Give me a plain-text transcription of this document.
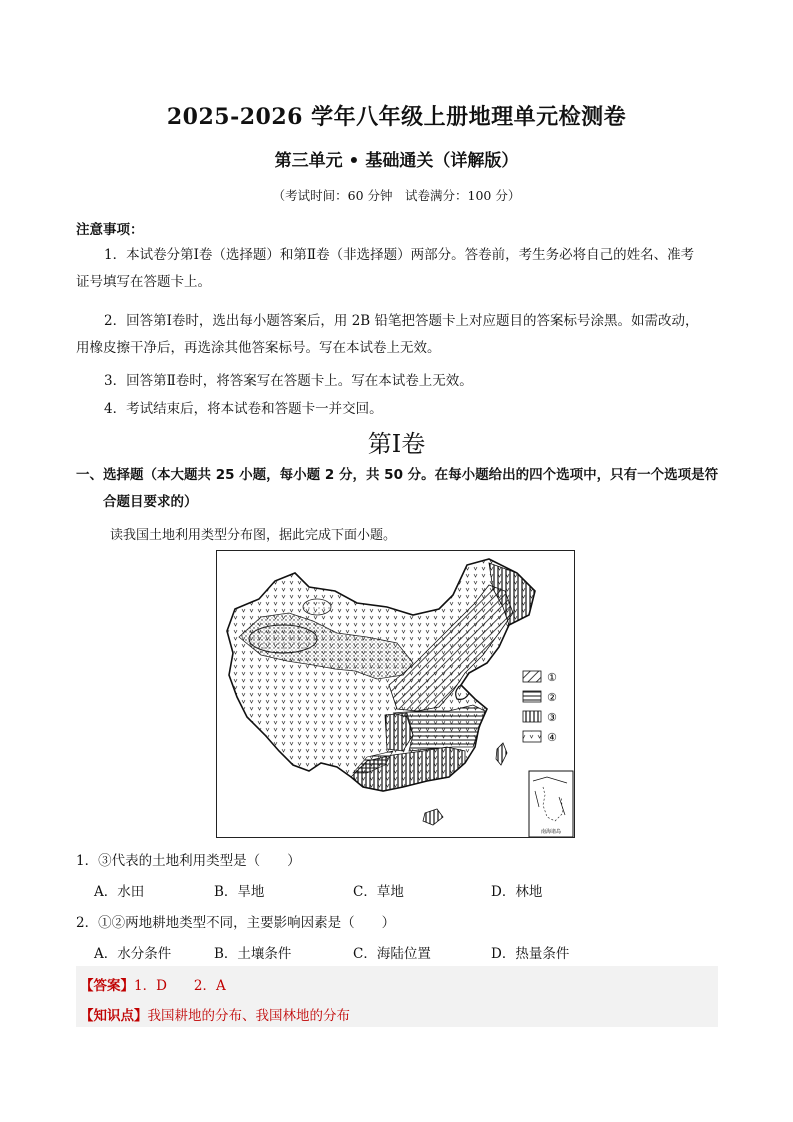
2025-2026 学年八年级上册地理单元检测卷
第三单元 • 基础通关（详解版）
（考试时间：60 分钟　试卷满分：100 分）
注意事项：
1．本试卷分第Ⅰ卷（选择题）和第Ⅱ卷（非选择题）两部分。答卷前，考生务必将自己的姓名、准考
证号填写在答题卡上。
2．回答第Ⅰ卷时，选出每小题答案后，用 2B 铅笔把答题卡上对应题目的答案标号涂黑。如需改动，
用橡皮擦干净后，再选涂其他答案标号。写在本试卷上无效。
3．回答第Ⅱ卷时，将答案写在答题卡上。写在本试卷上无效。
4．考试结束后，将本试卷和答题卡一并交回。
第Ⅰ卷
一、选择题（本大题共 25 小题，每小题 2 分，共 50 分。在每小题给出的四个选项中，只有一个选项是符
合题目要求的）
读我国土地利用类型分布图，据此完成下面小题。
①
②
③
④
南海诸岛
1．③代表的土地利用类型是（　　）
A．水田	B．旱地	C．草地	D．林地
2．①②两地耕地类型不同，主要影响因素是（　　）
A．水分条件	B．土壤条件	C．海陆位置	D．热量条件
【答案】1．D　　2．A
【知识点】我国耕地的分布、我国林地的分布
